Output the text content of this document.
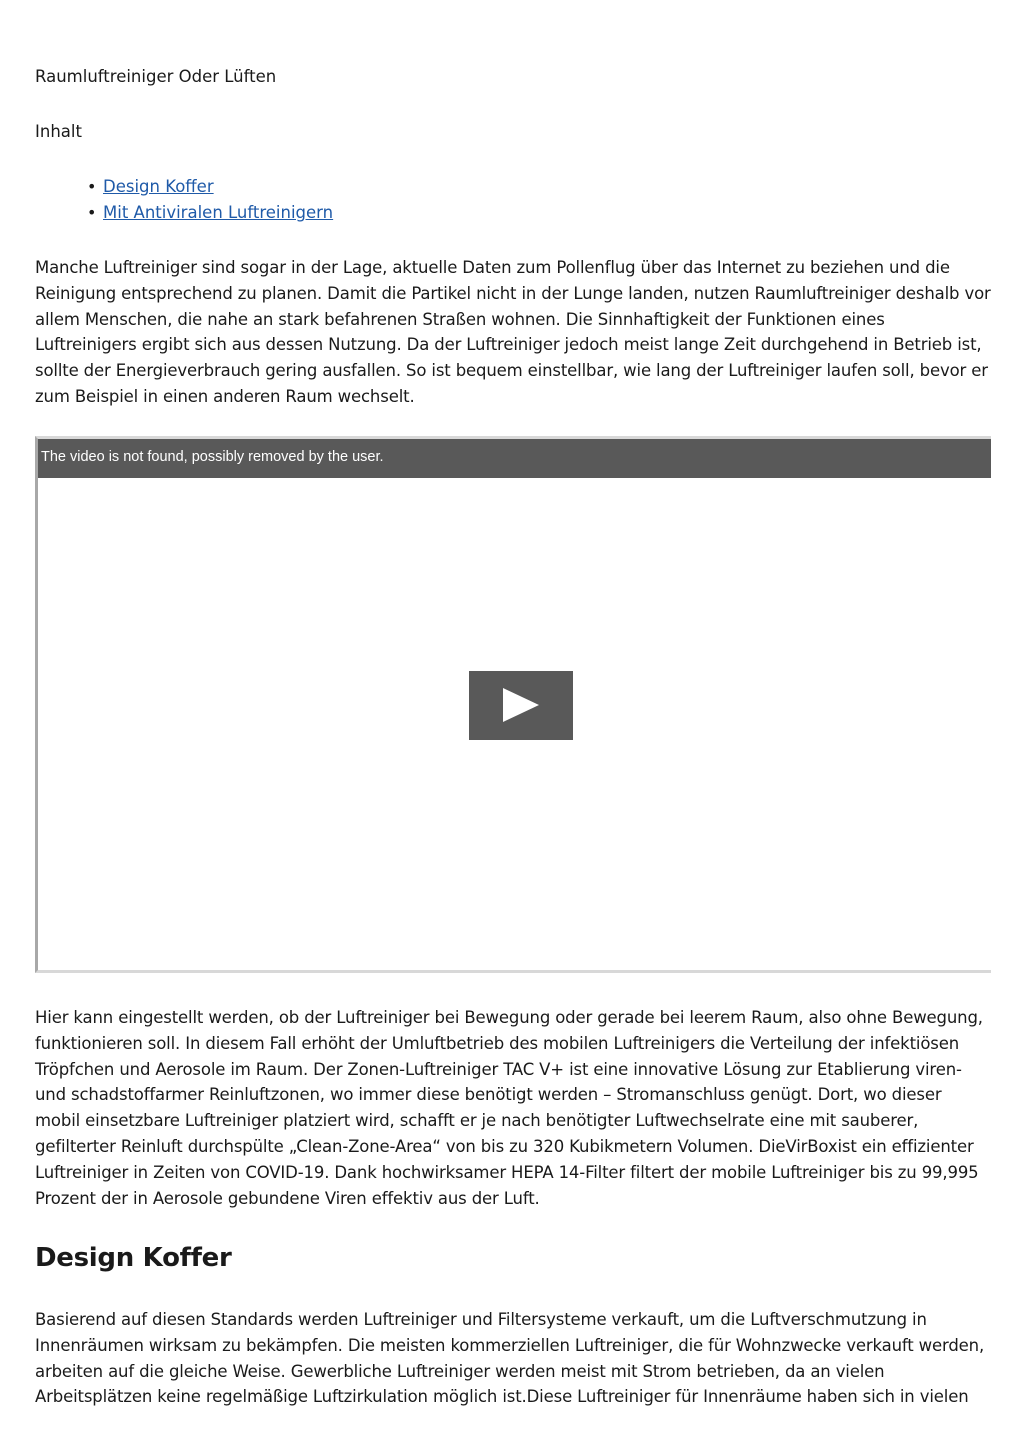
Raumluftreiniger Oder Lüften

Inhalt

• Design Koffer
• Mit Antiviralen Luftreinigern

Manche Luftreiniger sind sogar in der Lage, aktuelle Daten zum Pollenflug über das Internet zu beziehen und die Reinigung entsprechend zu planen. Damit die Partikel nicht in der Lunge landen, nutzen Raumluftreiniger deshalb vor allem Menschen, die nahe an stark befahrenen Straßen wohnen. Die Sinnhaftigkeit der Funktionen eines Luftreinigers ergibt sich aus dessen Nutzung. Da der Luftreiniger jedoch meist lange Zeit durchgehend in Betrieb ist, sollte der Energieverbrauch gering ausfallen. So ist bequem einstellbar, wie lang der Luftreiniger laufen soll, bevor er zum Beispiel in einen anderen Raum wechselt.

The video is not found, possibly removed by the user.

Hier kann eingestellt werden, ob der Luftreiniger bei Bewegung oder gerade bei leerem Raum, also ohne Bewegung, funktionieren soll. In diesem Fall erhöht der Umluftbetrieb des mobilen Luftreinigers die Verteilung der infektiösen Tröpfchen und Aerosole im Raum. Der Zonen-Luftreiniger TAC V+ ist eine innovative Lösung zur Etablierung viren- und schadstoffarmer Reinluftzonen, wo immer diese benötigt werden – Stromanschluss genügt. Dort, wo dieser mobil einsetzbare Luftreiniger platziert wird, schafft er je nach benötigter Luftwechselrate eine mit sauberer, gefilterter Reinluft durchspülte „Clean-Zone-Area“ von bis zu 320 Kubikmetern Volumen. DieVirBoxist ein effizienter Luftreiniger in Zeiten von COVID-19. Dank hochwirksamer HEPA 14-Filter filtert der mobile Luftreiniger bis zu 99,995 Prozent der in Aerosole gebundene Viren effektiv aus der Luft.

Design Koffer

Basierend auf diesen Standards werden Luftreiniger und Filtersysteme verkauft, um die Luftverschmutzung in Innenräumen wirksam zu bekämpfen. Die meisten kommerziellen Luftreiniger, die für Wohnzwecke verkauft werden, arbeiten auf die gleiche Weise. Gewerbliche Luftreiniger werden meist mit Strom betrieben, da an vielen Arbeitsplätzen keine regelmäßige Luftzirkulation möglich ist.Diese Luftreiniger für Innenräume haben sich in vielen
